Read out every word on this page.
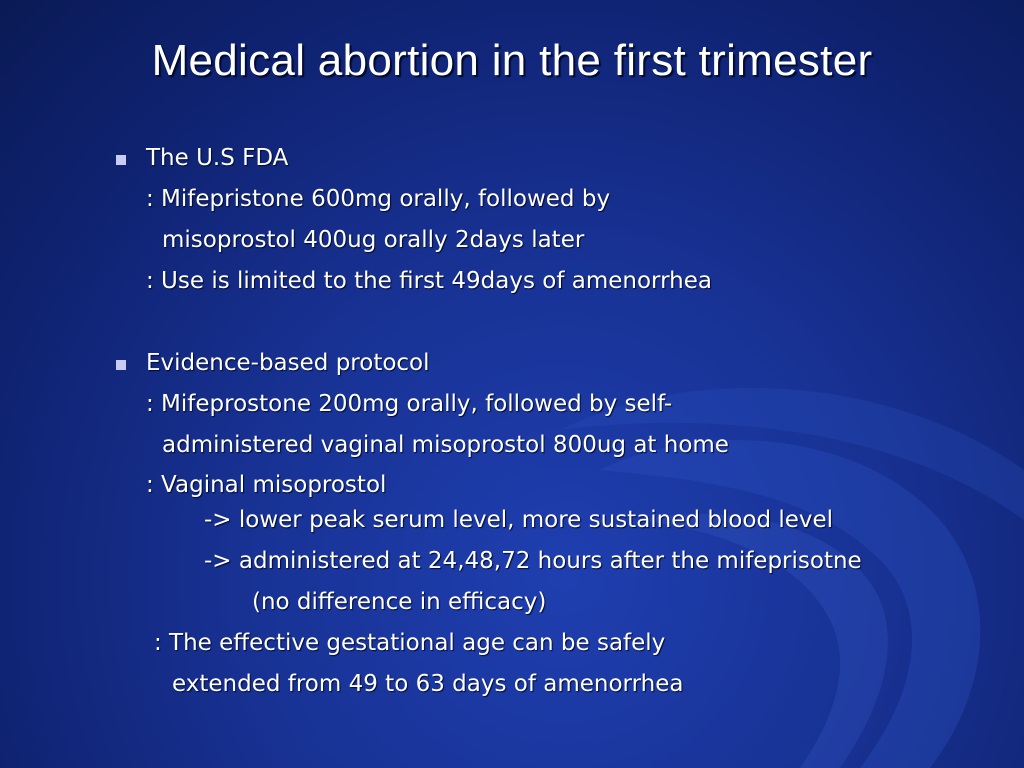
Medical abortion in the first trimester
The U.S FDA
: Mifepristone 600mg orally, followed by
misoprostol 400ug orally 2days later
: Use is limited to the first 49days of amenorrhea
Evidence-based protocol
: Mifeprostone 200mg orally, followed by self-
administered vaginal misoprostol 800ug at home
: Vaginal misoprostol
-> lower peak serum level, more sustained blood level
-> administered at 24,48,72 hours after the mifeprisotne
(no difference in efficacy)
: The effective gestational age can be safely
extended from 49 to 63 days of amenorrhea
